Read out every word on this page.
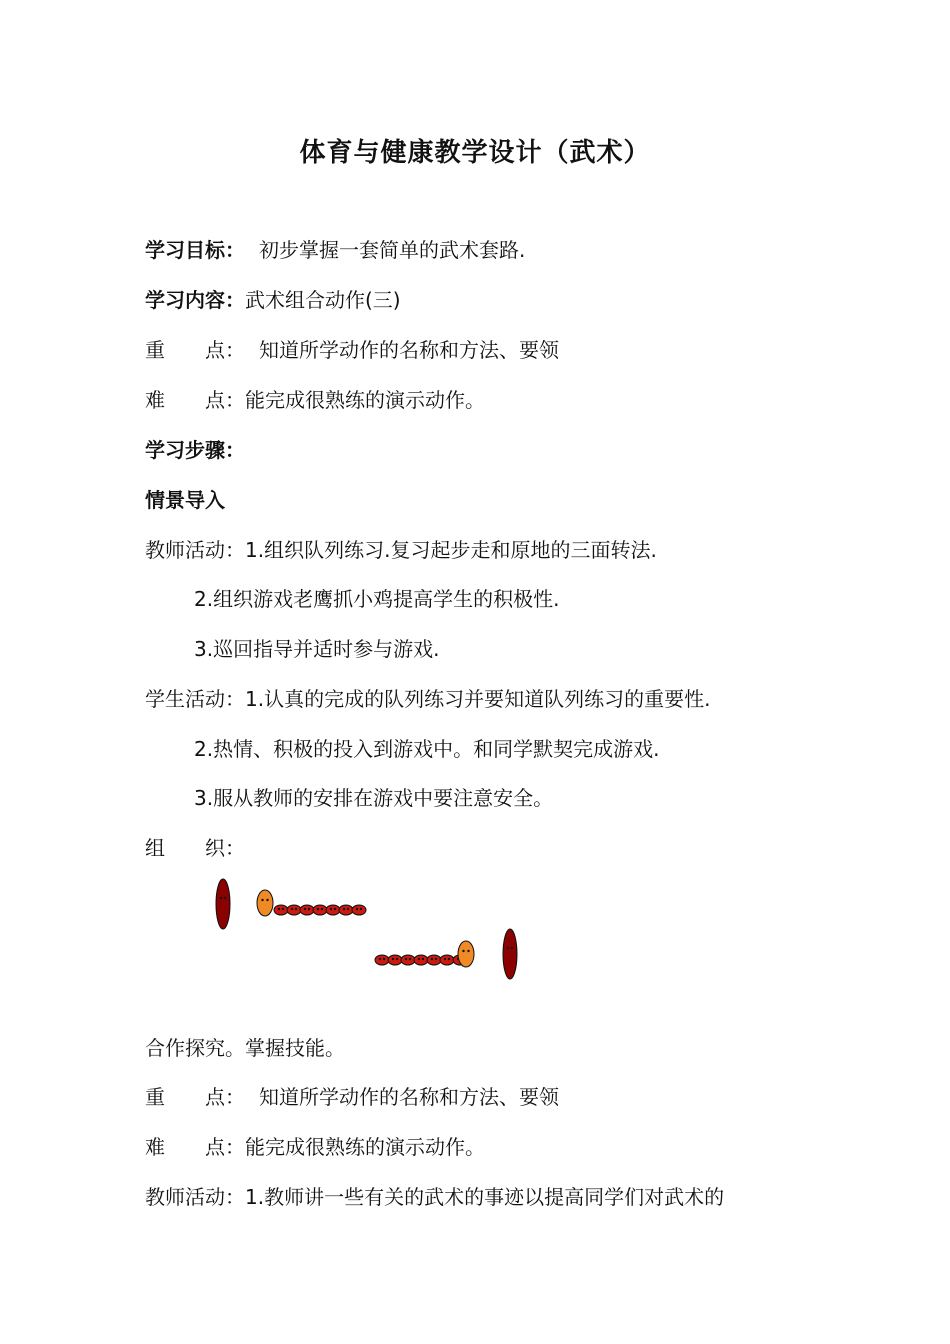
体育与健康教学设计（武术）
学习目标： 初步掌握一套简单的武术套路.
学习内容：武术组合动作(三)
重 点： 知道所学动作的名称和方法、要领
难 点：能完成很熟练的演示动作。
学习步骤：
情景导入
教师活动：1.组织队列练习.复习起步走和原地的三面转法.
2.组织游戏老鹰抓小鸡提高学生的积极性.
3.巡回指导并适时参与游戏.
学生活动：1.认真的完成的队列练习并要知道队列练习的重要性.
2.热情、积极的投入到游戏中。和同学默契完成游戏.
3.服从教师的安排在游戏中要注意安全。
组 织：
合作探究。掌握技能。
重 点： 知道所学动作的名称和方法、要领
难 点：能完成很熟练的演示动作。
教师活动：1.教师讲一些有关的武术的事迹以提高同学们对武术的
